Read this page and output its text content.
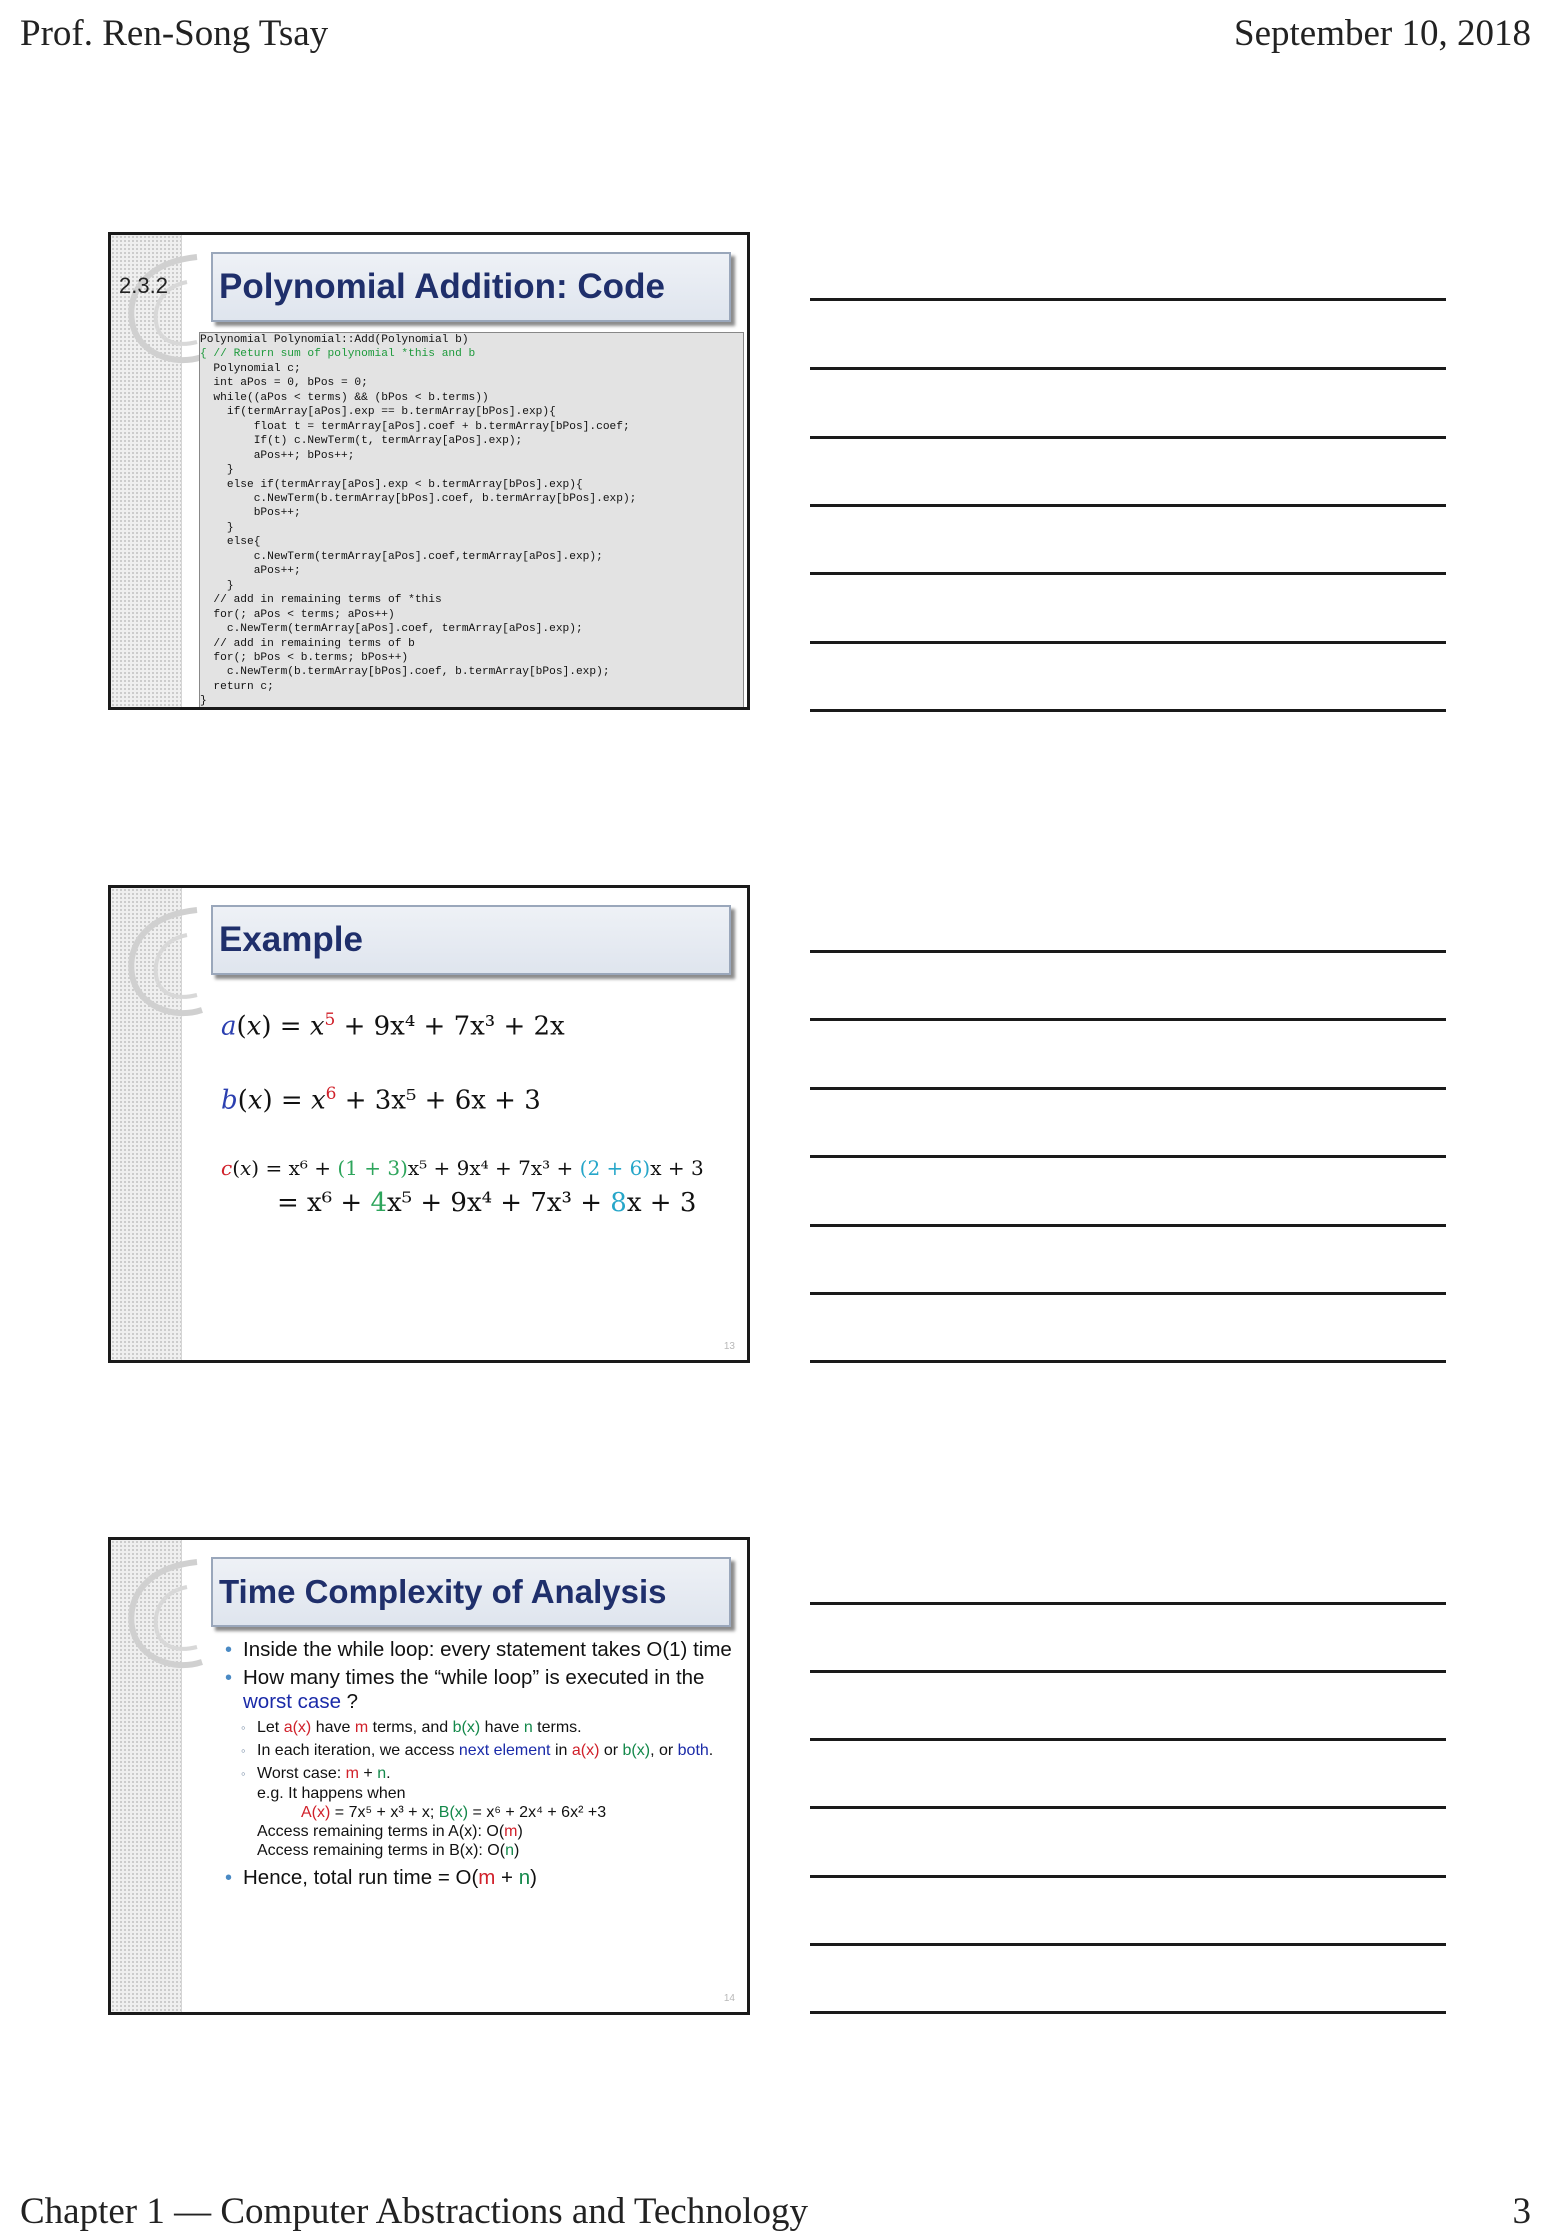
Prof. Ren-Song Tsay	September 10, 2018
2.3.2 Polynomial Addition: Code
Polynomial Polynomial::Add(Polynomial b)
{ // Return sum of polynomial *this and b
Polynomial c;
int aPos = 0, bPos = 0;
while((aPos < terms) && (bPos < b.terms))
if(termArray[aPos].exp == b.termArray[bPos].exp){
float t = termArray[aPos].coef + b.termArray[bPos].coef;
If(t) c.NewTerm(t, termArray[aPos].exp);
aPos++; bPos++;
}
else if(termArray[aPos].exp < b.termArray[bPos].exp){
c.NewTerm(b.termArray[bPos].coef, b.termArray[bPos].exp);
bPos++;
}
else{
c.NewTerm(termArray[aPos].coef,termArray[aPos].exp);
aPos++;
}
// add in remaining terms of *this
for(; aPos < terms; aPos++)
c.NewTerm(termArray[aPos].coef, termArray[aPos].exp);
// add in remaining terms of b
for(; bPos < b.terms; bPos++)
c.NewTerm(b.termArray[bPos].coef, b.termArray[bPos].exp);
return c;
}
Example
$a(x) = x^5 + 9x^4 + 7x^3 + 2x$
$b(x) = x^6 + 3x^5 + 6x + 3$
c(x) = x⁶ + (1 + 3)x⁵ + 9x⁴ + 7x³ + (2 + 6)x + 3
= x⁶ + 4x⁵ + 9x⁴ + 7x³ + 8x + 3
13
Time Complexity of Analysis
• Inside the while loop: every statement takes O(1) time
• How many times the “while loop” is executed in the worst case ?
◦ Let a(x) have m terms, and b(x) have n terms.
◦ In each iteration, we access next element in a(x) or b(x), or both.
◦ Worst case: m + n.
e.g. It happens when
A(x) = 7x⁵ + x³ + x; B(x) = x⁶ + 2x⁴ + 6x² +3
Access remaining terms in A(x): O(m)
Access remaining terms in B(x): O(n)
• Hence, total run time = O(m + n)
14
Chapter 1 — Computer Abstractions and Technology	3
